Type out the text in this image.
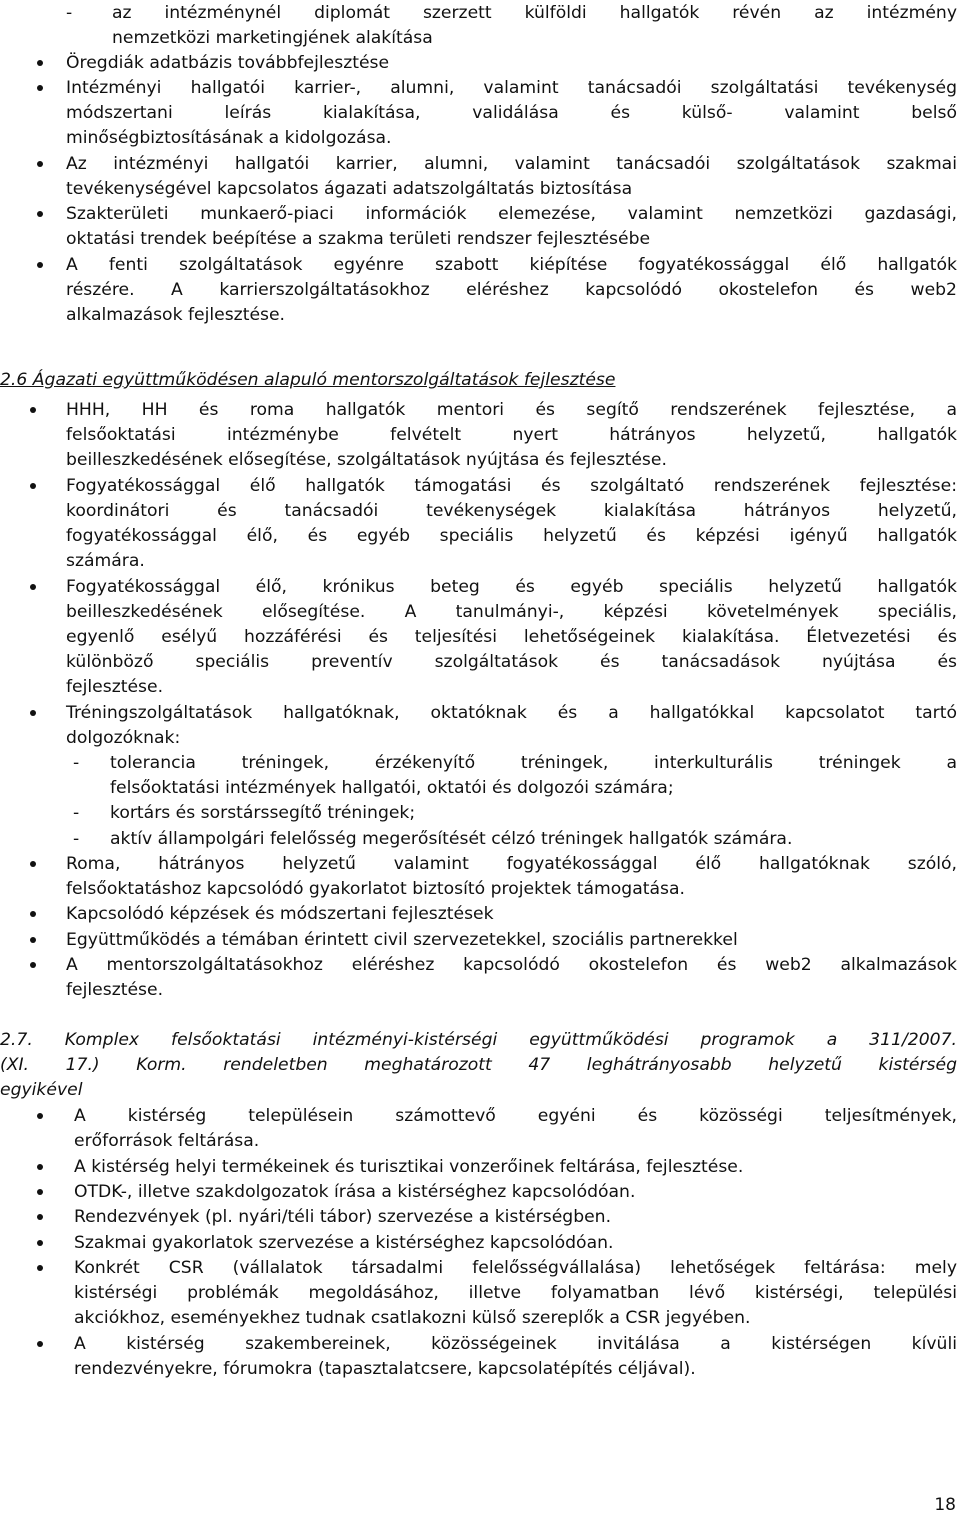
- az intézménynél diplomát szerzett külföldi hallgatók révén az intézmény

nemzetközi marketingjének alakítása

Öregdiák adatbázis továbbfejlesztése

Intézményi hallgatói karrier-, alumni, valamint tanácsadói szolgáltatási tevékenység

módszertani leírás kialakítása, validálása és külső- valamint belső

minőségbiztosításának a kidolgozása.

Az intézményi hallgatói karrier, alumni, valamint tanácsadói szolgáltatások szakmai

tevékenységével kapcsolatos ágazati adatszolgáltatás biztosítása

Szakterületi munkaerő-piaci információk elemezése, valamint nemzetközi gazdasági,

oktatási trendek beépítése a szakma területi rendszer fejlesztésébe

A fenti szolgáltatások egyénre szabott kiépítése fogyatékossággal élő hallgatók

részére. A karrierszolgáltatásokhoz eléréshez kapcsolódó okostelefon és web2

alkalmazások fejlesztése.

2.6 Ágazati együttműködésen alapuló mentorszolgáltatások fejlesztése

HHH, HH és roma hallgatók mentori és segítő rendszerének fejlesztése, a

felsőoktatási intézménybe felvételt nyert hátrányos helyzetű, hallgatók

beilleszkedésének elősegítése, szolgáltatások nyújtása és fejlesztése.

Fogyatékossággal élő hallgatók támogatási és szolgáltató rendszerének fejlesztése:

koordinátori és tanácsadói tevékenységek kialakítása hátrányos helyzetű,

fogyatékossággal élő, és egyéb speciális helyzetű és képzési igényű hallgatók

számára.

Fogyatékossággal élő, krónikus beteg és egyéb speciális helyzetű hallgatók

beilleszkedésének elősegítése. A tanulmányi-, képzési követelmények speciális,

egyenlő esélyű hozzáférési és teljesítési lehetőségeinek kialakítása. Életvezetési és

különböző speciális preventív szolgáltatások és tanácsadások nyújtása és

fejlesztése.

Tréningszolgáltatások hallgatóknak, oktatóknak és a hallgatókkal kapcsolatot tartó

dolgozóknak:

- tolerancia tréningek, érzékenyítő tréningek, interkulturális tréningek a

felsőoktatási intézmények hallgatói, oktatói és dolgozói számára;

- kortárs és sorstárssegítő tréningek;

- aktív állampolgári felelősség megerősítését célzó tréningek hallgatók számára.

Roma, hátrányos helyzetű valamint fogyatékossággal élő hallgatóknak szóló,

felsőoktatáshoz kapcsolódó gyakorlatot biztosító projektek támogatása.

Kapcsolódó képzések és módszertani fejlesztések

Együttműködés a témában érintett civil szervezetekkel, szociális partnerekkel

A mentorszolgáltatásokhoz eléréshez kapcsolódó okostelefon és web2 alkalmazások

fejlesztése.

2.7. Komplex felsőoktatási intézményi-kistérségi együttműködési programok a 311/2007.

(XI. 17.) Korm. rendeletben meghatározott 47 leghátrányosabb helyzetű kistérség

egyikével

A kistérség településein számottevő egyéni és közösségi teljesítmények,

erőforrások feltárása.

A kistérség helyi termékeinek és turisztikai vonzerőinek feltárása, fejlesztése.

OTDK-, illetve szakdolgozatok írása a kistérséghez kapcsolódóan.

Rendezvények (pl. nyári/téli tábor) szervezése a kistérségben.

Szakmai gyakorlatok szervezése a kistérséghez kapcsolódóan.

Konkrét CSR (vállalatok társadalmi felelősségvállalása) lehetőségek feltárása: mely

kistérségi problémák megoldásához, illetve folyamatban lévő kistérségi, települési

akciókhoz, eseményekhez tudnak csatlakozni külső szereplők a CSR jegyében.

A kistérség szakembereinek, közösségeinek invitálása a kistérségen kívüli

rendezvényekre, fórumokra (tapasztalatcsere, kapcsolatépítés céljával).

18
